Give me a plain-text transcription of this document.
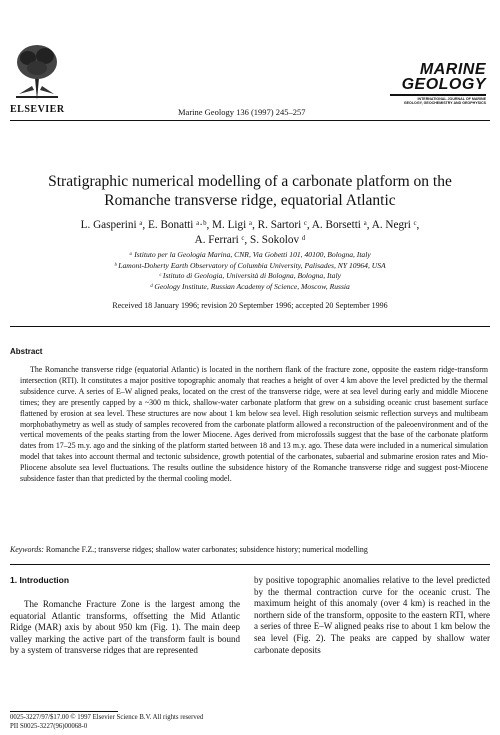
ELSEVIER	Marine Geology 136 (1997) 245–257
MARINE
GEOLOGY
INTERNATIONAL JOURNAL OF MARINE
GEOLOGY, GEOCHEMISTRY AND GEOPHYSICS
Stratigraphic numerical modelling of a carbonate platform on the
Romanche transverse ridge, equatorial Atlantic
L. Gasperini ᵃ, E. Bonatti ᵃ·ᵇ, M. Ligi ᵃ, R. Sartori ᶜ, A. Borsetti ᵃ, A. Negri ᶜ,
A. Ferrari ᶜ, S. Sokolov ᵈ
ᵃ Istituto per la Geologia Marina, CNR, Via Gobetti 101, 40100, Bologna, Italy
ᵇ Lamont-Doherty Earth Observatory of Columbia University, Palisades, NY 10964, USA
ᶜ Istituto di Geologia, Università di Bologna, Bologna, Italy
ᵈ Geology Institute, Russian Academy of Science, Moscow, Russia
Received 18 January 1996; revision 20 September 1996; accepted 20 September 1996
Abstract

The Romanche transverse ridge (equatorial Atlantic) is located in the northern flank of the fracture zone, opposite the eastern ridge-transform intersection (RTI). It constitutes a major positive topographic anomaly that reaches a height of over 4 km above the level predicted by the thermal subsidence curve. A series of E–W aligned peaks, located on the crest of the transverse ridge, were at sea level during early and middle Miocene times; they are presently capped by a ~300 m thick, shallow-water carbonate platform that grew on a subsiding oceanic crust basement surface flattened by erosion at sea level. These structures are now about 1 km below sea level. High resolution seismic reflection surveys and multibeam morphobathymetry as well as study of samples recovered from the carbonate platform allowed a reconstruction of the paleoenvironment and of the vertical movements of the peaks starting from the lower Miocene. Ages derived from microfossils suggest that the base of the carbonate platform dates from 17–25 m.y. ago and the sinking of the platform started between 18 and 13 m.y. ago. These data were included in a numerical simulation model that takes into account thermal and tectonic subsidence, growth potential of the carbonates, subaerial and submarine erosion rates and Mio-Pliocene absolute sea level fluctuations. The results outline the subsidence history of the Romanche transverse ridge and suggest post-Miocene subsidence faster than that predicted by the thermal cooling model.

Keywords: Romanche F.Z.; transverse ridges; shallow water carbonates; subsidence history; numerical modelling
1. Introduction
The Romanche Fracture Zone is the largest among the equatorial Atlantic transforms, offsetting the Mid Atlantic Ridge (MAR) axis by about 950 km (Fig. 1). The main deep valley marking the active part of the transform fault is bound by a system of transverse ridges that are represented
by positive topographic anomalies relative to the level predicted by the thermal contraction curve for the oceanic crust. The maximum height of this anomaly (over 4 km) is reached in the northern side of the transform, opposite to the eastern RTI, where a series of three E–W aligned peaks rise to about 1 km below the sea level (Fig. 2). The peaks are capped by shallow water carbonate deposits
0025-3227/97/$17.00 © 1997 Elsevier Science B.V. All rights reserved
PII S0025-3227(96)00068-0
